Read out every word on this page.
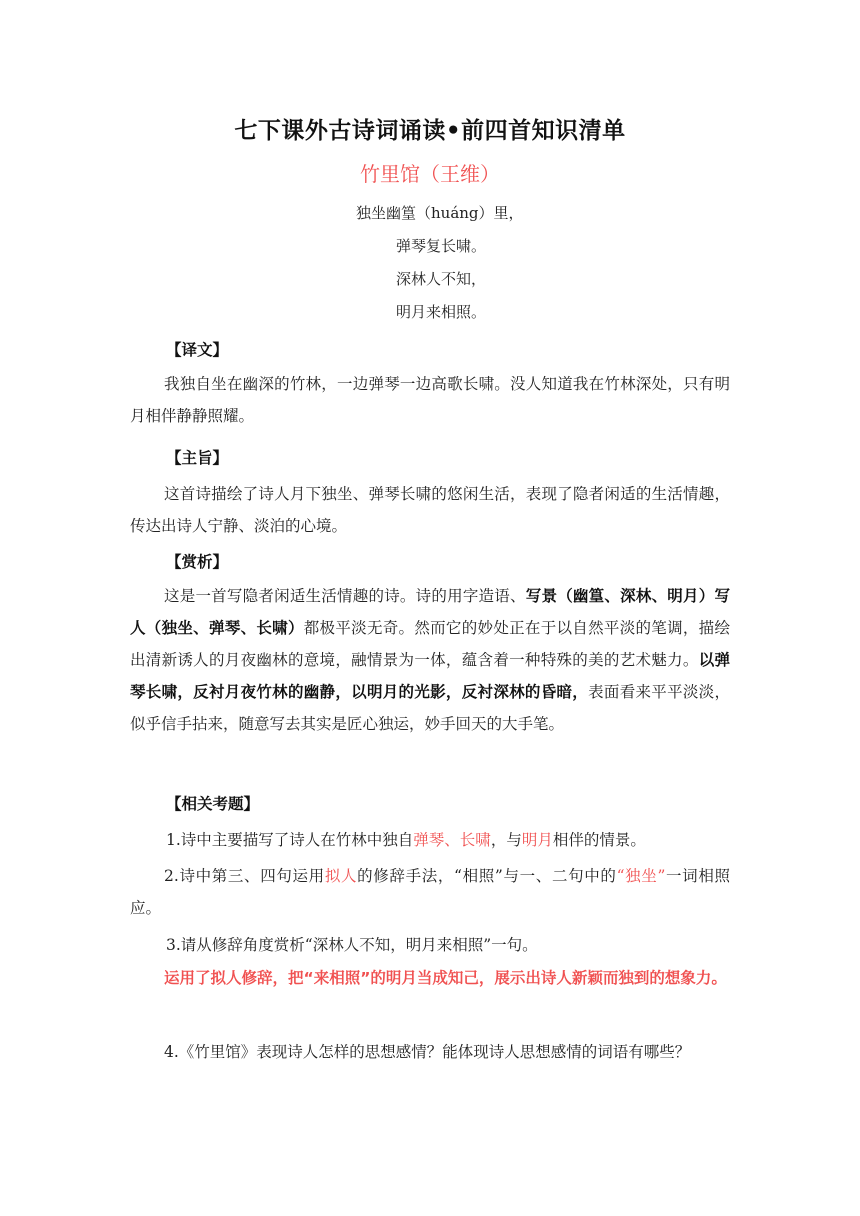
七下课外古诗词诵读•前四首知识清单
竹里馆（王维）
独坐幽篁（huáng）里，
弹琴复长啸。
深林人不知，
明月来相照。
【译文】
我独自坐在幽深的竹林，一边弹琴一边高歌长啸。没人知道我在竹林深处，只有明月相伴静静照耀。
【主旨】
这首诗描绘了诗人月下独坐、弹琴长啸的悠闲生活，表现了隐者闲适的生活情趣，传达出诗人宁静、淡泊的心境。
【赏析】
这是一首写隐者闲适生活情趣的诗。诗的用字造语、写景（幽篁、深林、明月）写人（独坐、弹琴、长啸）都极平淡无奇。然而它的妙处正在于以自然平淡的笔调，描绘出清新诱人的月夜幽林的意境，融情景为一体，蕴含着一种特殊的美的艺术魅力。以弹琴长啸，反衬月夜竹林的幽静，以明月的光影，反衬深林的昏暗，表面看来平平淡淡，似乎信手拈来，随意写去其实是匠心独运，妙手回天的大手笔。
【相关考题】
1.诗中主要描写了诗人在竹林中独自弹琴、长啸，与明月相伴的情景。
2.诗中第三、四句运用拟人的修辞手法，“相照”与一、二句中的“独坐”一词相照应。
3.请从修辞角度赏析“深林人不知，明月来相照”一句。
运用了拟人修辞，把“来相照”的明月当成知己，展示出诗人新颖而独到的想象力。
4.《竹里馆》表现诗人怎样的思想感情？能体现诗人思想感情的词语有哪些？
